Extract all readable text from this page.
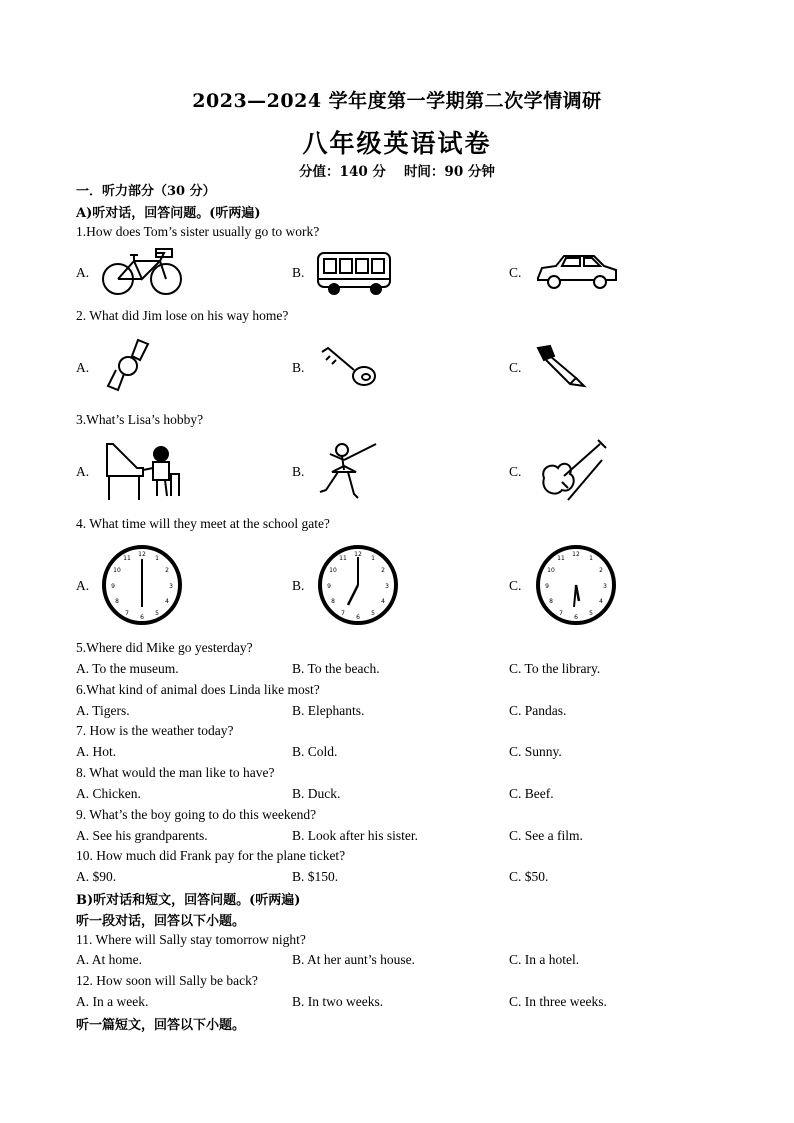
2023—2024 学年度第一学期第二次学情调研
八年级英语试卷
分值：140 分 时间：90 分钟
一．听力部分（30 分）
A)听对话，回答问题。(听两遍)
1.How does Tom’s sister usually go to work?
A.	B.	C.
2. What did Jim lose on his way home?
A.	B.	C.
3.What’s Lisa’s hobby?
A.	B.	C.
4. What time will they meet at the school gate?
A.	B.	C.
12
3
6
9
1
2
4
5
7
8
10
11
12
3
6
9
1
2
4
5
7
8
10
11
12
3
6
9
1
2
4
5
7
8
10
11
5.Where did Mike go yesterday?
A. To the museum.	B. To the beach.	C. To the library.
6.What kind of animal does Linda like most?
A. Tigers.	B. Elephants.	C. Pandas.
7. How is the weather today?
A. Hot.	B. Cold.	C. Sunny.
8. What would the man like to have?
A. Chicken.	B. Duck.	C. Beef.
9. What’s the boy going to do this weekend?
A. See his grandparents.	B. Look after his sister.	C. See a film.
10. How much did Frank pay for the plane ticket?
A. $90.	B. $150.	C. $50.
B)听对话和短文，回答问题。(听两遍)
听一段对话，回答以下小题。
11. Where will Sally stay tomorrow night?
A. At home.	B. At her aunt’s house.	C. In a hotel.
12. How soon will Sally be back?
A. In a week.	B. In two weeks.	C. In three weeks.
听一篇短文，回答以下小题。
